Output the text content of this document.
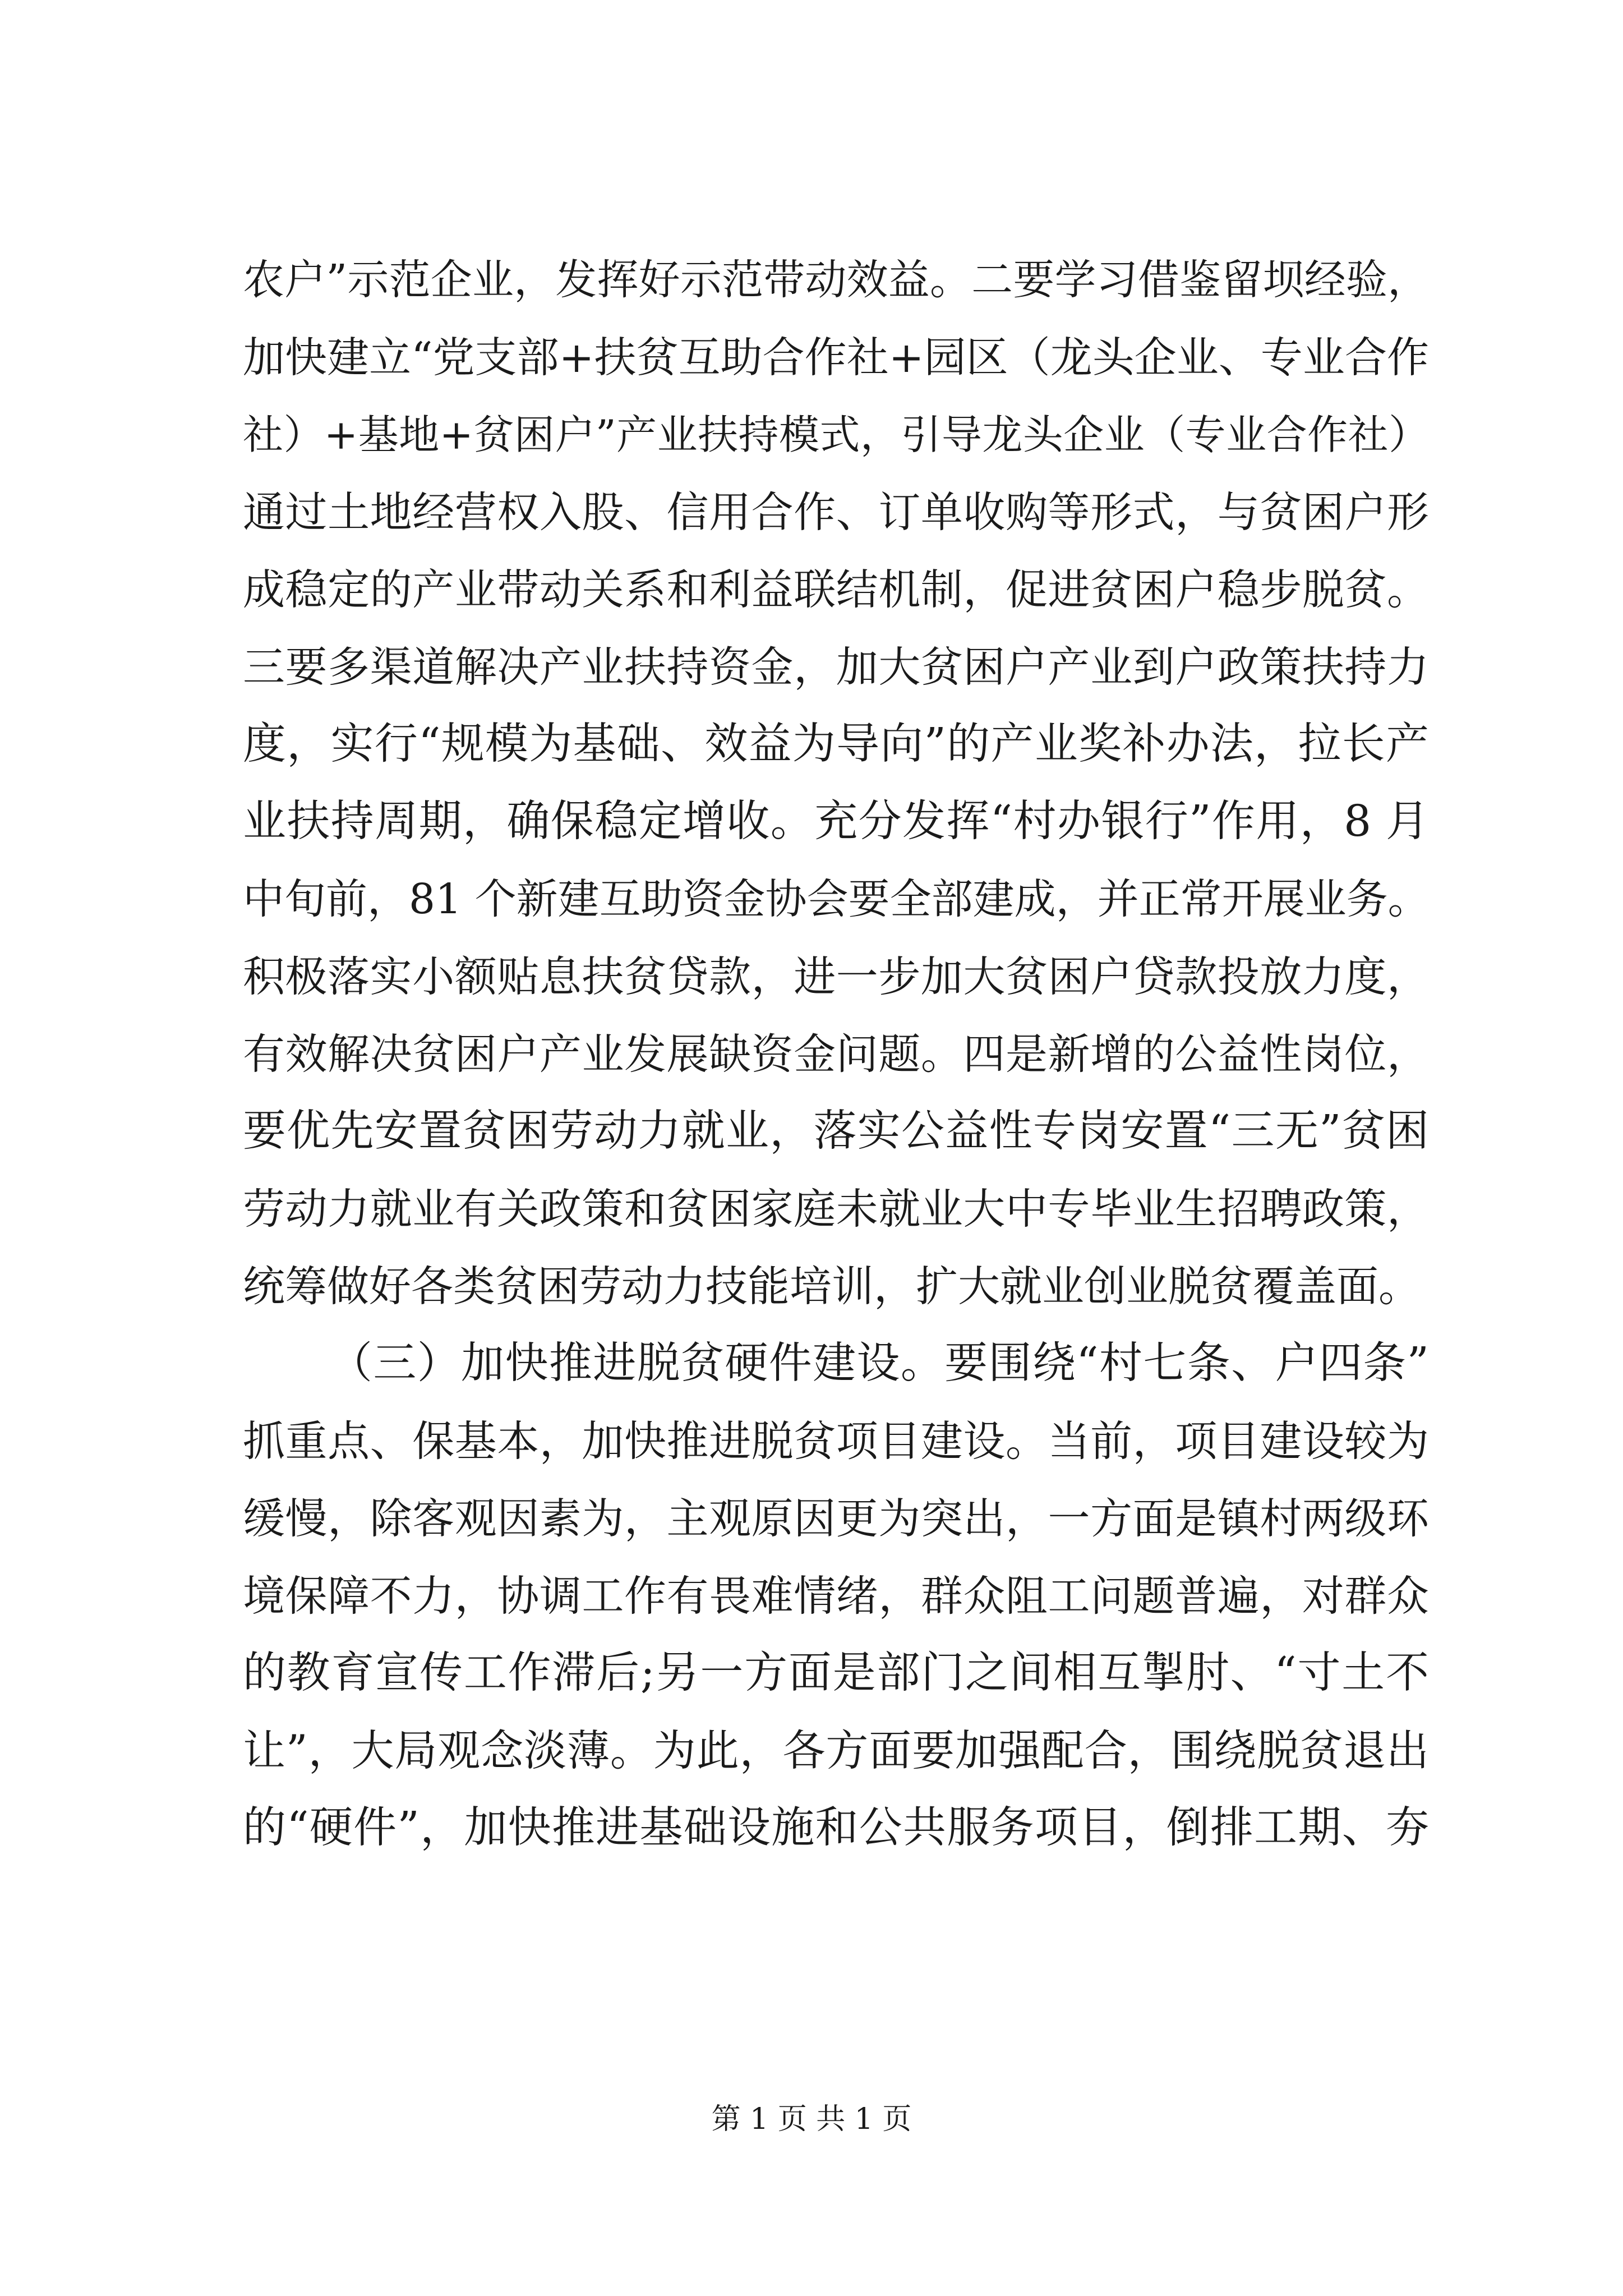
农户”示范企业，发挥好示范带动效益。二要学习借鉴留坝经验，
加快建立“党支部+扶贫互助合作社+园区（龙头企业、专业合作
社）+基地+贫困户”产业扶持模式，引导龙头企业（专业合作社）
通过土地经营权入股、信用合作、订单收购等形式，与贫困户形
成稳定的产业带动关系和利益联结机制，促进贫困户稳步脱贫。
三要多渠道解决产业扶持资金，加大贫困户产业到户政策扶持力
度，实行“规模为基础、效益为导向”的产业奖补办法，拉长产
业扶持周期，确保稳定增收。充分发挥“村办银行”作用，8 月
中旬前，81 个新建互助资金协会要全部建成，并正常开展业务。
积极落实小额贴息扶贫贷款，进一步加大贫困户贷款投放力度，
有效解决贫困户产业发展缺资金问题。四是新增的公益性岗位，
要优先安置贫困劳动力就业，落实公益性专岗安置“三无”贫困
劳动力就业有关政策和贫困家庭未就业大中专毕业生招聘政策，
统筹做好各类贫困劳动力技能培训，扩大就业创业脱贫覆盖面。
（三）加快推进脱贫硬件建设。要围绕“村七条、户四条”
抓重点、保基本，加快推进脱贫项目建设。当前，项目建设较为
缓慢，除客观因素为，主观原因更为突出，一方面是镇村两级环
境保障不力，协调工作有畏难情绪，群众阻工问题普遍，对群众
的教育宣传工作滞后;另一方面是部门之间相互掣肘、“寸土不
让”，大局观念淡薄。为此，各方面要加强配合，围绕脱贫退出
的“硬件”，加快推进基础设施和公共服务项目，倒排工期、夯
第 1 页 共 1 页
